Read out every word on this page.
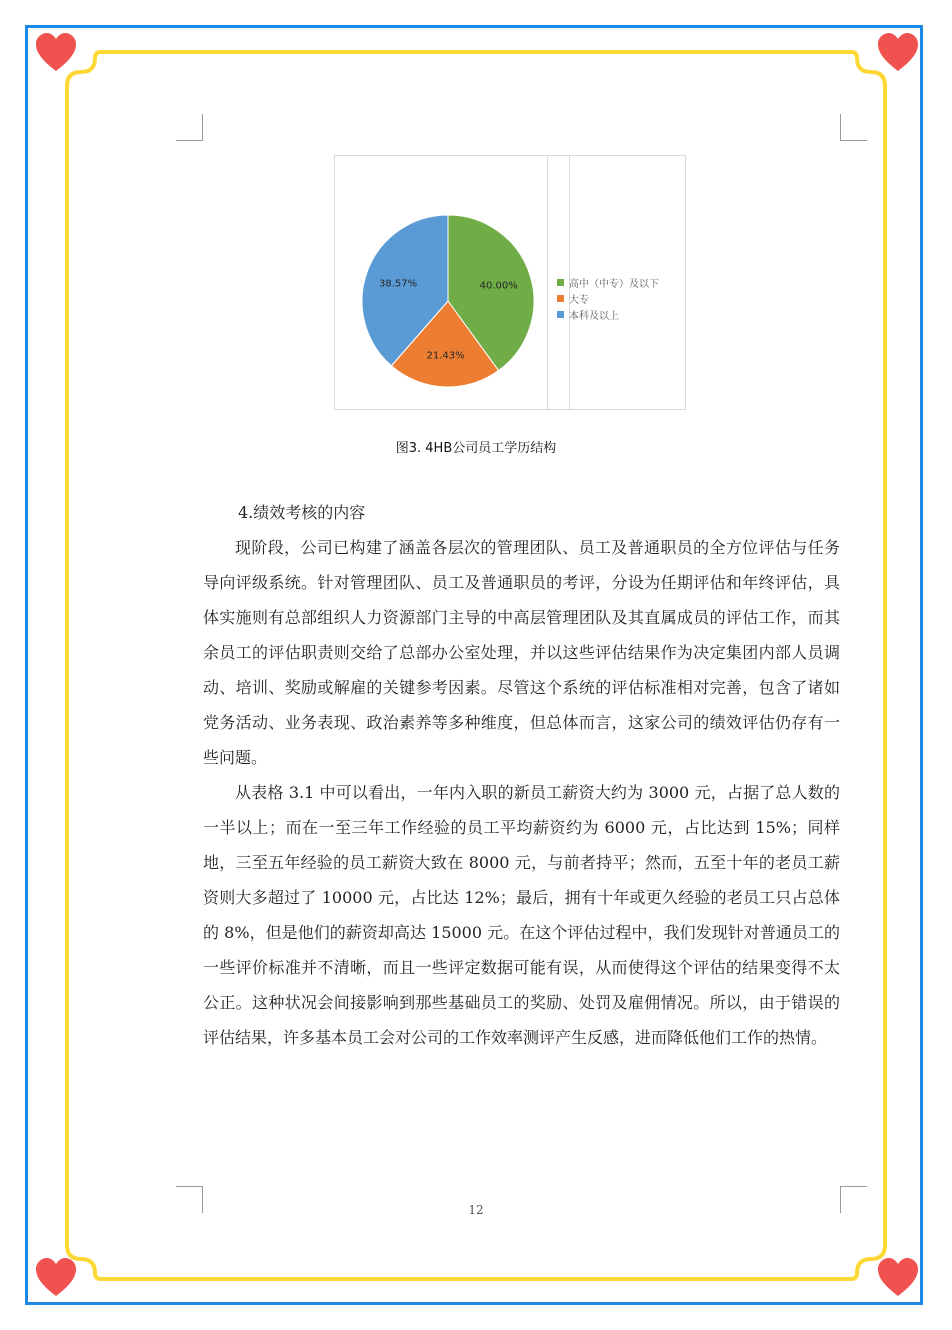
40.00%
21.43%
38.57%	高中（中专）及以下
大专
本科及以上
图3. 4HB公司员工学历结构
4.绩效考核的内容

现阶段，公司已构建了涵盖各层次的管理团队、员工及普通职员的全方位评估与任务导向评级系统。针对管理团队、员工及普通职员的考评，分设为任期评估和年终评估，具体实施则有总部组织人力资源部门主导的中高层管理团队及其直属成员的评估工作，而其余员工的评估职责则交给了总部办公室处理，并以这些评估结果作为决定集团内部人员调动、培训、奖励或解雇的关键参考因素。尽管这个系统的评估标准相对完善，包含了诸如党务活动、业务表现、政治素养等多种维度，但总体而言，这家公司的绩效评估仍存有一些问题。

从表格 3.1 中可以看出，一年内入职的新员工薪资大约为 3000 元，占据了总人数的一半以上；而在一至三年工作经验的员工平均薪资约为 6000 元，占比达到 15%；同样地，三至五年经验的员工薪资大致在 8000 元，与前者持平；然而，五至十年的老员工薪资则大多超过了 10000 元，占比达 12%；最后，拥有十年或更久经验的老员工只占总体的 8%，但是他们的薪资却高达 15000 元。在这个评估过程中，我们发现针对普通员工的一些评价标准并不清晰，而且一些评定数据可能有误，从而使得这个评估的结果变得不太公正。这种状况会间接影响到那些基础员工的奖励、处罚及雇佣情况。所以，由于错误的评估结果，许多基本员工会对公司的工作效率测评产生反感，进而降低他们工作的热情。

12
